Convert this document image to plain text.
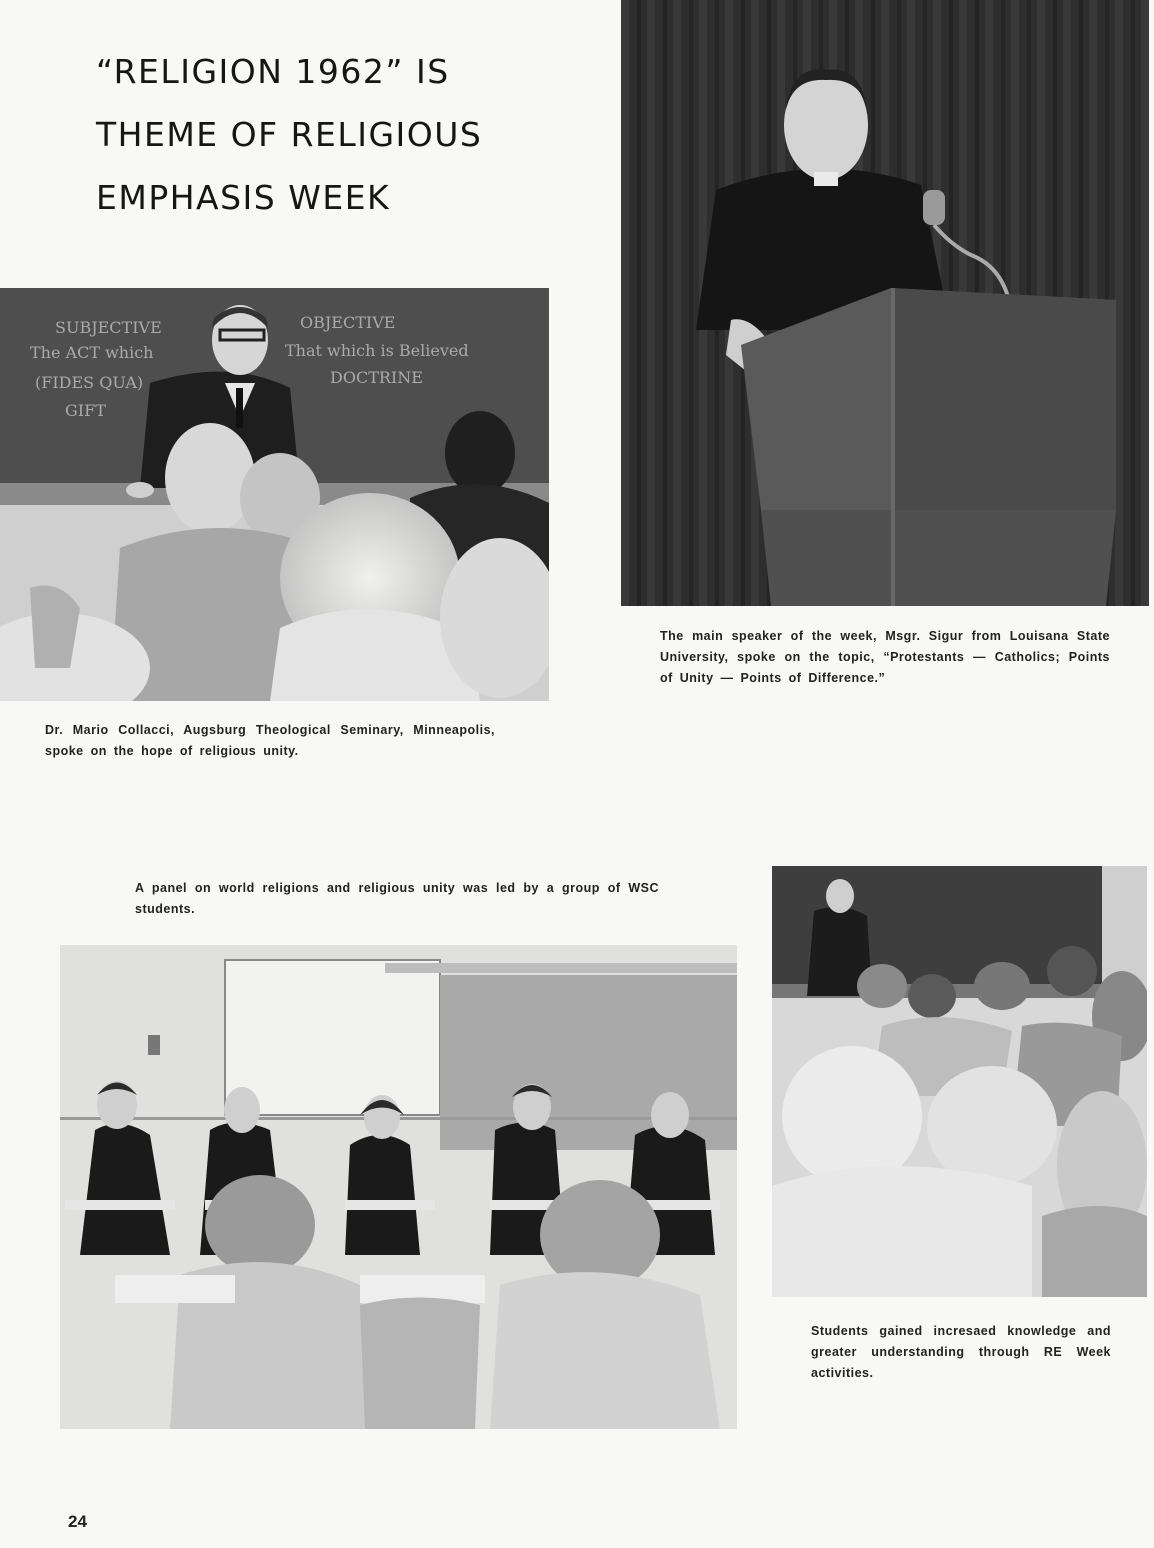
“RELIGION 1962” IS
THEME OF RELIGIOUS
EMPHASIS WEEK
SUBJECTIVE
The ACT which
(FIDES QUA)
GIFT
OBJECTIVE
That which is Believed
DOCTRINE

Dr. Mario Collacci, Augsburg Theological Seminary, Minneapolis, spoke on the hope of religious unity.

The main speaker of the week, Msgr. Sigur from Louisana State University, spoke on the topic, “Protestants — Catholics; Points of Unity — Points of Difference.”

A panel on world religions and religious unity was led by a group of WSC students.

Students gained incresaed knowledge and greater understanding through RE Week activities.

24
